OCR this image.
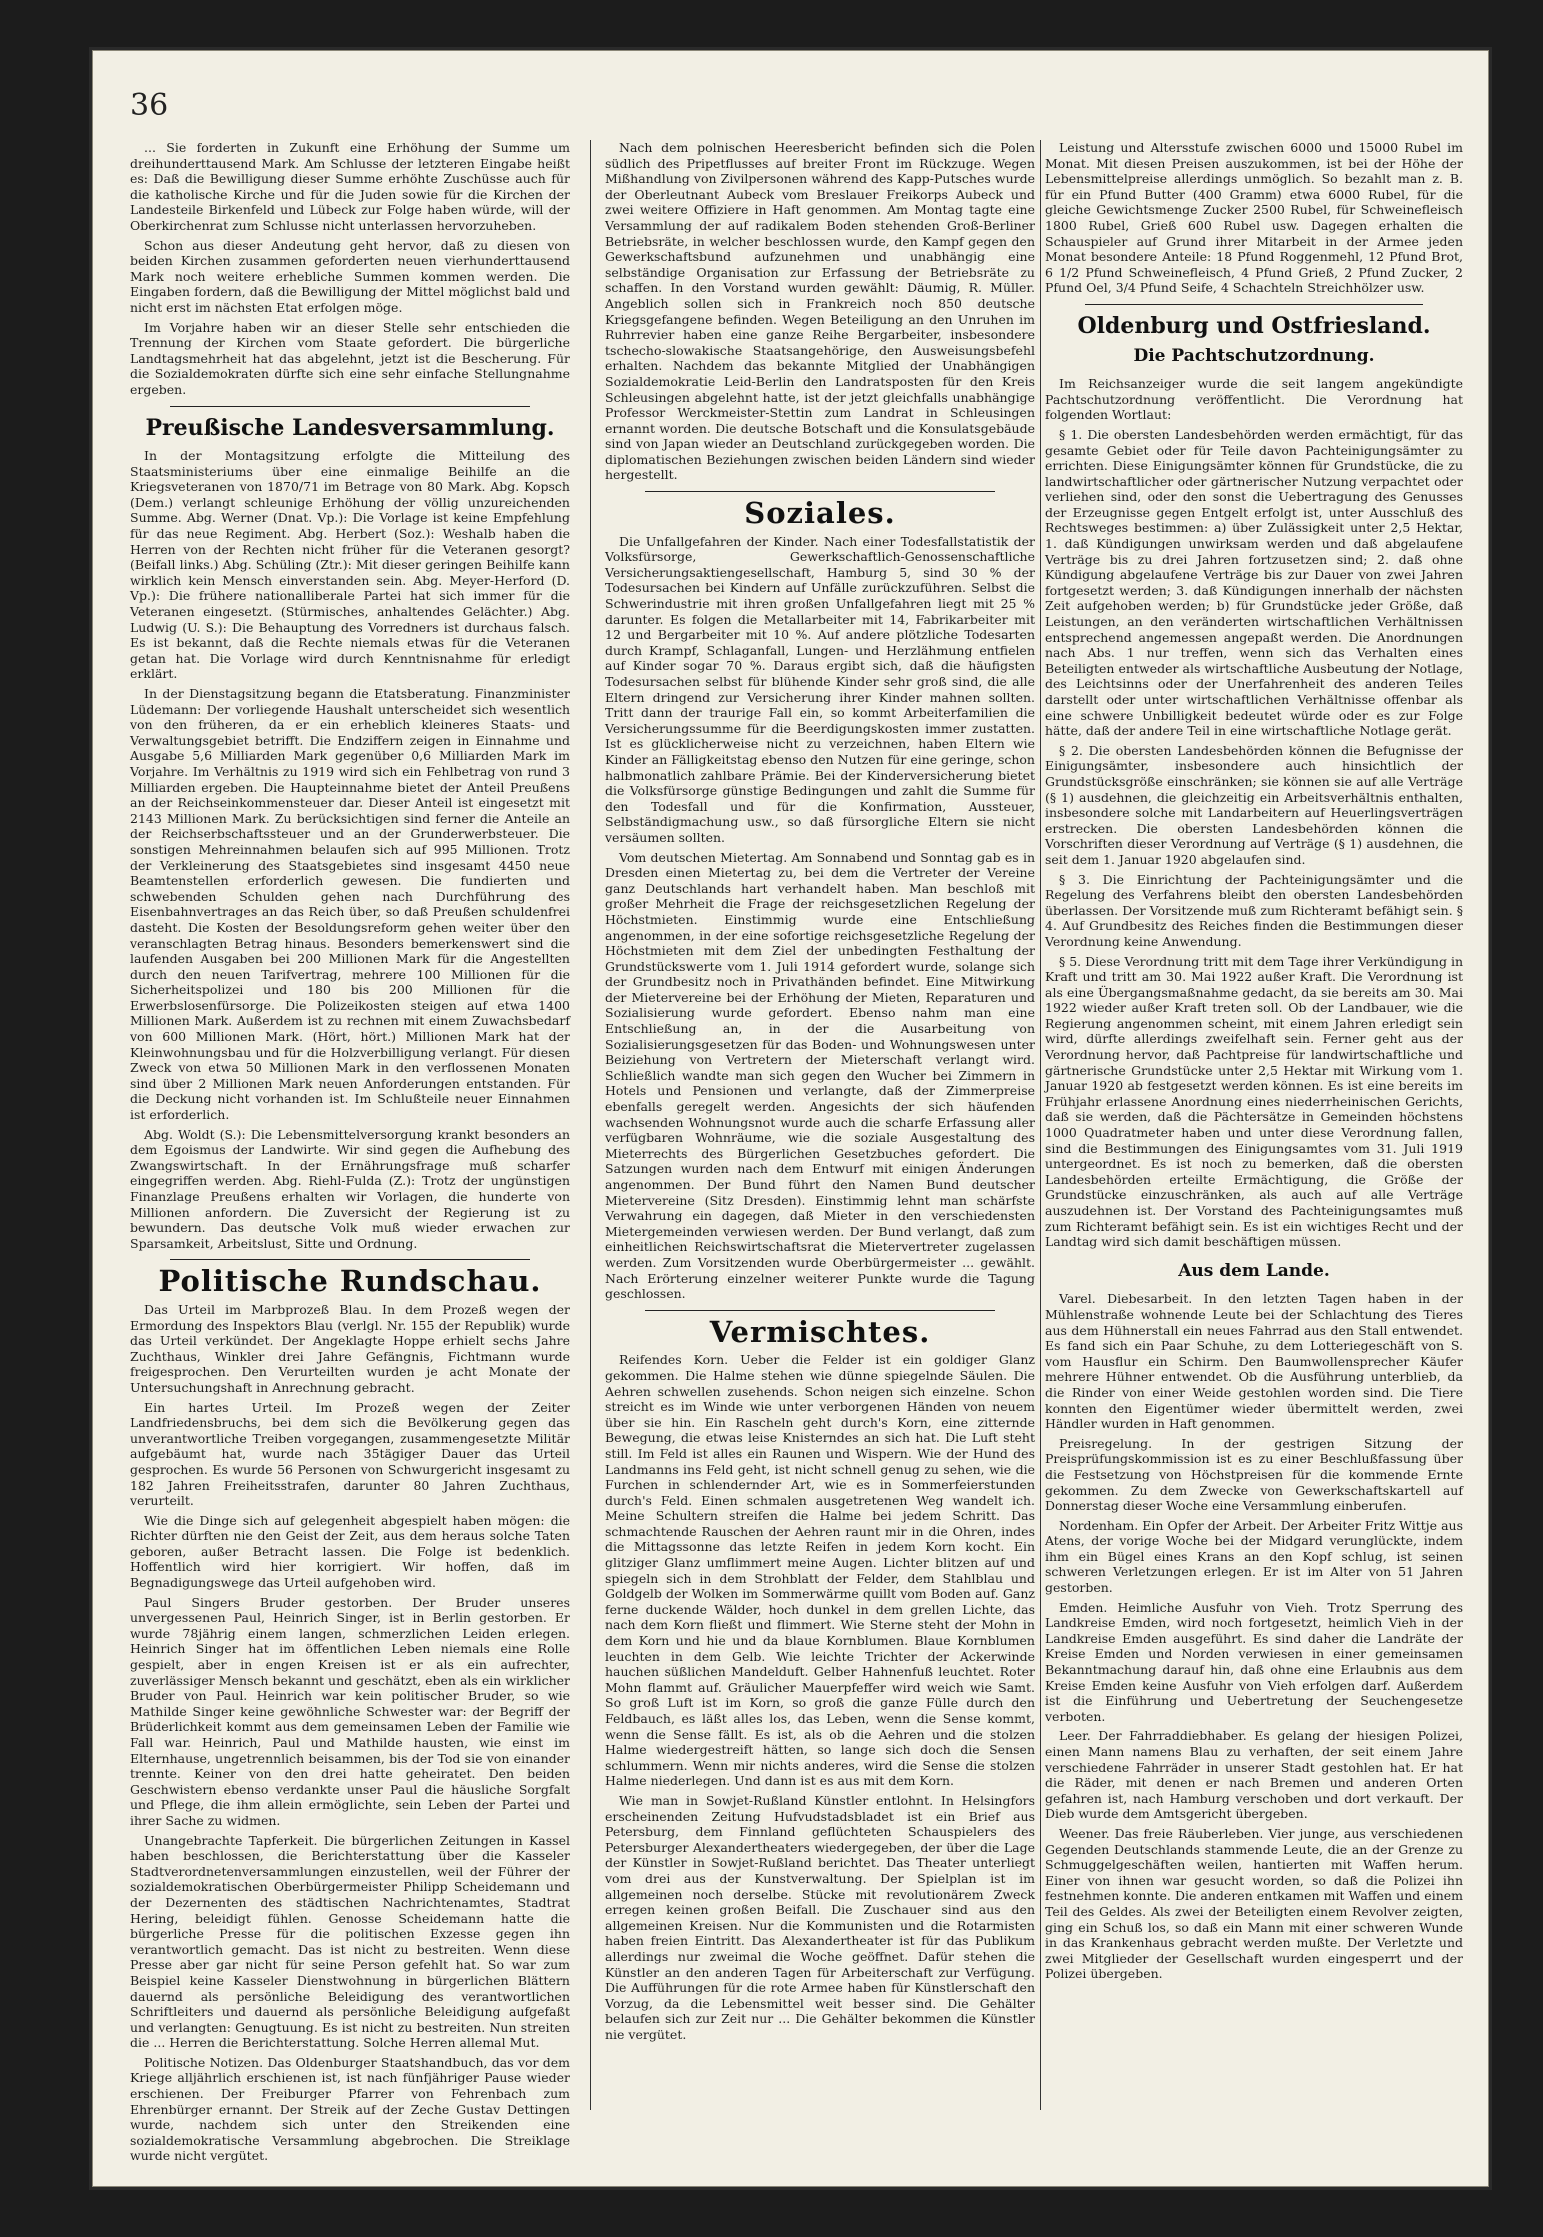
36

... Sie forderten in Zukunft eine Erhöhung der Summe um dreihunderttausend Mark. Am Schlusse der letzteren Eingabe heißt es: Daß die Bewilligung dieser Summe erhöhte Zuschüsse auch für die katholische Kirche und für die Juden sowie für die Kirchen der Landesteile Birkenfeld und Lübeck zur Folge haben würde, will der Oberkirchenrat zum Schlusse nicht unterlassen hervorzuheben.

Schon aus dieser Andeutung geht hervor, daß zu diesen von beiden Kirchen zusammen geforderten neuen vierhunderttausend Mark noch weitere erhebliche Summen kommen werden. Die Eingaben fordern, daß die Bewilligung der Mittel möglichst bald und nicht erst im nächsten Etat erfolgen möge.

Im Vorjahre haben wir an dieser Stelle sehr entschieden die Trennung der Kirchen vom Staate gefordert. Die bürgerliche Landtagsmehrheit hat das abgelehnt, jetzt ist die Bescherung. Für die Sozialdemokraten dürfte sich eine sehr einfache Stellungnahme ergeben.

Preußische Landesversammlung.

In der Montagsitzung erfolgte die Mitteilung des Staatsministeriums über eine einmalige Beihilfe an die Kriegsveteranen von 1870/71 im Betrage von 80 Mark. Abg. Kopsch (Dem.) verlangt schleunige Erhöhung der völlig unzureichenden Summe. Abg. Werner (Dnat. Vp.): Die Vorlage ist keine Empfehlung für das neue Regiment. Abg. Herbert (Soz.): Weshalb haben die Herren von der Rechten nicht früher für die Veteranen gesorgt? (Beifall links.) Abg. Schüling (Ztr.): Mit dieser geringen Beihilfe kann wirklich kein Mensch einverstanden sein. Abg. Meyer-Herford (D. Vp.): Die frühere nationalliberale Partei hat sich immer für die Veteranen eingesetzt. (Stürmisches, anhaltendes Gelächter.) Abg. Ludwig (U. S.): Die Behauptung des Vorredners ist durchaus falsch. Es ist bekannt, daß die Rechte niemals etwas für die Veteranen getan hat. Die Vorlage wird durch Kenntnisnahme für erledigt erklärt.

In der Dienstagsitzung begann die Etatsberatung. Finanzminister Lüdemann: Der vorliegende Haushalt unterscheidet sich wesentlich von den früheren, da er ein erheblich kleineres Staats- und Verwaltungsgebiet betrifft. Die Endziffern zeigen in Einnahme und Ausgabe 5,6 Milliarden Mark gegenüber 0,6 Milliarden Mark im Vorjahre. Im Verhältnis zu 1919 wird sich ein Fehlbetrag von rund 3 Milliarden ergeben. Die Haupteinnahme bietet der Anteil Preußens an der Reichseinkommensteuer dar. Dieser Anteil ist eingesetzt mit 2143 Millionen Mark. Zu berücksichtigen sind ferner die Anteile an der Reichserbschaftssteuer und an der Grunderwerbsteuer. Die sonstigen Mehreinnahmen belaufen sich auf 995 Millionen. Trotz der Verkleinerung des Staatsgebietes sind insgesamt 4450 neue Beamtenstellen erforderlich gewesen. Die fundierten und schwebenden Schulden gehen nach Durchführung des Eisenbahnvertrages an das Reich über, so daß Preußen schuldenfrei dasteht. Die Kosten der Besoldungsreform gehen weiter über den veranschlagten Betrag hinaus. Besonders bemerkenswert sind die laufenden Ausgaben bei 200 Millionen Mark für die Angestellten durch den neuen Tarifvertrag, mehrere 100 Millionen für die Sicherheitspolizei und 180 bis 200 Millionen für die Erwerbslosenfürsorge. Die Polizeikosten steigen auf etwa 1400 Millionen Mark. Außerdem ist zu rechnen mit einem Zuwachsbedarf von 600 Millionen Mark. (Hört, hört.) Millionen Mark hat der Kleinwohnungsbau und für die Holzverbilligung verlangt. Für diesen Zweck von etwa 50 Millionen Mark in den verflossenen Monaten sind über 2 Millionen Mark neuen Anforderungen entstanden. Für die Deckung nicht vorhanden ist. Im Schlußteile neuer Einnahmen ist erforderlich.

Abg. Woldt (S.): Die Lebensmittelversorgung krankt besonders an dem Egoismus der Landwirte. Wir sind gegen die Aufhebung des Zwangswirtschaft. In der Ernährungsfrage muß scharfer eingegriffen werden. Abg. Riehl-Fulda (Z.): Trotz der ungünstigen Finanzlage Preußens erhalten wir Vorlagen, die hunderte von Millionen anfordern. Die Zuversicht der Regierung ist zu bewundern. Das deutsche Volk muß wieder erwachen zur Sparsamkeit, Arbeitslust, Sitte und Ordnung.

Politische Rundschau.

Das Urteil im Marbprozeß Blau. In dem Prozeß wegen der Ermordung des Inspektors Blau (verlgl. Nr. 155 der Republik) wurde das Urteil verkündet. Der Angeklagte Hoppe erhielt sechs Jahre Zuchthaus, Winkler drei Jahre Gefängnis, Fichtmann wurde freigesprochen. Den Verurteilten wurden je acht Monate der Untersuchungshaft in Anrechnung gebracht.

Ein hartes Urteil. Im Prozeß wegen der Zeiter Landfriedensbruchs, bei dem sich die Bevölkerung gegen das unverantwortliche Treiben vorgegangen, zusammengesetzte Militär aufgebäumt hat, wurde nach 35tägiger Dauer das Urteil gesprochen. Es wurde 56 Personen von Schwurgericht insgesamt zu 182 Jahren Freiheitsstrafen, darunter 80 Jahren Zuchthaus, verurteilt.

Wie die Dinge sich auf gelegenheit abgespielt haben mögen: die Richter dürften nie den Geist der Zeit, aus dem heraus solche Taten geboren, außer Betracht lassen. Die Folge ist bedenklich. Hoffentlich wird hier korrigiert. Wir hoffen, daß im Begnadigungswege das Urteil aufgehoben wird.

Paul Singers Bruder gestorben. Der Bruder unseres unvergessenen Paul, Heinrich Singer, ist in Berlin gestorben. Er wurde 78jährig einem langen, schmerzlichen Leiden erlegen. Heinrich Singer hat im öffentlichen Leben niemals eine Rolle gespielt, aber in engen Kreisen ist er als ein aufrechter, zuverlässiger Mensch bekannt und geschätzt, eben als ein wirklicher Bruder von Paul. Heinrich war kein politischer Bruder, so wie Mathilde Singer keine gewöhnliche Schwester war: der Begriff der Brüderlichkeit kommt aus dem gemeinsamen Leben der Familie wie Fall war. Heinrich, Paul und Mathilde hausten, wie einst im Elternhause, ungetrennlich beisammen, bis der Tod sie von einander trennte. Keiner von den drei hatte geheiratet. Den beiden Geschwistern ebenso verdankte unser Paul die häusliche Sorgfalt und Pflege, die ihm allein ermöglichte, sein Leben der Partei und ihrer Sache zu widmen.

Unangebrachte Tapferkeit. Die bürgerlichen Zeitungen in Kassel haben beschlossen, die Berichterstattung über die Kasseler Stadtverordnetenversammlungen einzustellen, weil der Führer der sozialdemokratischen Oberbürgermeister Philipp Scheidemann und der Dezernenten des städtischen Nachrichtenamtes, Stadtrat Hering, beleidigt fühlen. Genosse Scheidemann hatte die bürgerliche Presse für die politischen Exzesse gegen ihn verantwortlich gemacht. Das ist nicht zu bestreiten. Wenn diese Presse aber gar nicht für seine Person gefehlt hat. So war zum Beispiel keine Kasseler Dienstwohnung in bürgerlichen Blättern dauernd als persönliche Beleidigung des verantwortlichen Schriftleiters und dauernd als persönliche Beleidigung aufgefaßt und verlangten: Genugtuung. Es ist nicht zu bestreiten. Nun streiten die ... Herren die Berichterstattung. Solche Herren allemal Mut.

Politische Notizen. Das Oldenburger Staatshandbuch, das vor dem Kriege alljährlich erschienen ist, ist nach fünfjähriger Pause wieder erschienen. Der Freiburger Pfarrer von Fehrenbach zum Ehrenbürger ernannt. Der Streik auf der Zeche Gustav Dettingen wurde, nachdem sich unter den Streikenden eine sozialdemokratische Versammlung abgebrochen. Die Streiklage wurde nicht vergütet.

Nach dem polnischen Heeresbericht befinden sich die Polen südlich des Pripetflusses auf breiter Front im Rückzuge. Wegen Mißhandlung von Zivilpersonen während des Kapp-Putsches wurde der Oberleutnant Aubeck vom Breslauer Freikorps Aubeck und zwei weitere Offiziere in Haft genommen. Am Montag tagte eine Versammlung der auf radikalem Boden stehenden Groß-Berliner Betriebsräte, in welcher beschlossen wurde, den Kampf gegen den Gewerkschaftsbund aufzunehmen und unabhängig eine selbständige Organisation zur Erfassung der Betriebsräte zu schaffen. In den Vorstand wurden gewählt: Däumig, R. Müller. Angeblich sollen sich in Frankreich noch 850 deutsche Kriegsgefangene befinden. Wegen Beteiligung an den Unruhen im Ruhrrevier haben eine ganze Reihe Bergarbeiter, insbesondere tschecho-slowakische Staatsangehörige, den Ausweisungsbefehl erhalten. Nachdem das bekannte Mitglied der Unabhängigen Sozialdemokratie Leid-Berlin den Landratsposten für den Kreis Schleusingen abgelehnt hatte, ist der jetzt gleichfalls unabhängige Professor Werckmeister-Stettin zum Landrat in Schleusingen ernannt worden. Die deutsche Botschaft und die Konsulatsgebäude sind von Japan wieder an Deutschland zurückgegeben worden. Die diplomatischen Beziehungen zwischen beiden Ländern sind wieder hergestellt.

Soziales.

Die Unfallgefahren der Kinder. Nach einer Todesfallstatistik der Volksfürsorge, Gewerkschaftlich-Genossenschaftliche Versicherungsaktiengesellschaft, Hamburg 5, sind 30 % der Todesursachen bei Kindern auf Unfälle zurückzuführen. Selbst die Schwerindustrie mit ihren großen Unfallgefahren liegt mit 25 % darunter. Es folgen die Metallarbeiter mit 14, Fabrikarbeiter mit 12 und Bergarbeiter mit 10 %. Auf andere plötzliche Todesarten durch Krampf, Schlaganfall, Lungen- und Herzlähmung entfielen auf Kinder sogar 70 %. Daraus ergibt sich, daß die häufigsten Todesursachen selbst für blühende Kinder sehr groß sind, die alle Eltern dringend zur Versicherung ihrer Kinder mahnen sollten. Tritt dann der traurige Fall ein, so kommt Arbeiterfamilien die Versicherungssumme für die Beerdigungskosten immer zustatten. Ist es glücklicherweise nicht zu verzeichnen, haben Eltern wie Kinder an Fälligkeitstag ebenso den Nutzen für eine geringe, schon halbmonatlich zahlbare Prämie. Bei der Kinderversicherung bietet die Volksfürsorge günstige Bedingungen und zahlt die Summe für den Todesfall und für die Konfirmation, Aussteuer, Selbständigmachung usw., so daß fürsorgliche Eltern sie nicht versäumen sollten.

Vom deutschen Mietertag. Am Sonnabend und Sonntag gab es in Dresden einen Mietertag zu, bei dem die Vertreter der Vereine ganz Deutschlands hart verhandelt haben. Man beschloß mit großer Mehrheit die Frage der reichsgesetzlichen Regelung der Höchstmieten. Einstimmig wurde eine Entschließung angenommen, in der eine sofortige reichsgesetzliche Regelung der Höchstmieten mit dem Ziel der unbedingten Festhaltung der Grundstückswerte vom 1. Juli 1914 gefordert wurde, solange sich der Grundbesitz noch in Privathänden befindet. Eine Mitwirkung der Mietervereine bei der Erhöhung der Mieten, Reparaturen und Sozialisierung wurde gefordert. Ebenso nahm man eine Entschließung an, in der die Ausarbeitung von Sozialisierungsgesetzen für das Boden- und Wohnungswesen unter Beiziehung von Vertretern der Mieterschaft verlangt wird. Schließlich wandte man sich gegen den Wucher bei Zimmern in Hotels und Pensionen und verlangte, daß der Zimmerpreise ebenfalls geregelt werden. Angesichts der sich häufenden wachsenden Wohnungsnot wurde auch die scharfe Erfassung aller verfügbaren Wohnräume, wie die soziale Ausgestaltung des Mieterrechts des Bürgerlichen Gesetzbuches gefordert. Die Satzungen wurden nach dem Entwurf mit einigen Änderungen angenommen. Der Bund führt den Namen Bund deutscher Mietervereine (Sitz Dresden). Einstimmig lehnt man schärfste Verwahrung ein dagegen, daß Mieter in den verschiedensten Mietergemeinden verwiesen werden. Der Bund verlangt, daß zum einheitlichen Reichswirtschaftsrat die Mietervertreter zugelassen werden. Zum Vorsitzenden wurde Oberbürgermeister ... gewählt. Nach Erörterung einzelner weiterer Punkte wurde die Tagung geschlossen.

Vermischtes.

Reifendes Korn. Ueber die Felder ist ein goldiger Glanz gekommen. Die Halme stehen wie dünne spiegelnde Säulen. Die Aehren schwellen zusehends. Schon neigen sich einzelne. Schon streicht es im Winde wie unter verborgenen Händen von neuem über sie hin. Ein Rascheln geht durch's Korn, eine zitternde Bewegung, die etwas leise Knisterndes an sich hat. Die Luft steht still. Im Feld ist alles ein Raunen und Wispern. Wie der Hund des Landmanns ins Feld geht, ist nicht schnell genug zu sehen, wie die Furchen in schlendernder Art, wie es in Sommerfeierstunden durch's Feld. Einen schmalen ausgetretenen Weg wandelt ich. Meine Schultern streifen die Halme bei jedem Schritt. Das schmachtende Rauschen der Aehren raunt mir in die Ohren, indes die Mittagssonne das letzte Reifen in jedem Korn kocht. Ein glitziger Glanz umflimmert meine Augen. Lichter blitzen auf und spiegeln sich in dem Strohblatt der Felder, dem Stahlblau und Goldgelb der Wolken im Sommerwärme quillt vom Boden auf. Ganz ferne duckende Wälder, hoch dunkel in dem grellen Lichte, das nach dem Korn fließt und flimmert. Wie Sterne steht der Mohn in dem Korn und hie und da blaue Kornblumen. Blaue Kornblumen leuchten in dem Gelb. Wie leichte Trichter der Ackerwinde hauchen süßlichen Mandelduft. Gelber Hahnenfuß leuchtet. Roter Mohn flammt auf. Gräulicher Mauerpfeffer wird weich wie Samt. So groß Luft ist im Korn, so groß die ganze Fülle durch den Feldbauch, es läßt alles los, das Leben, wenn die Sense kommt, wenn die Sense fällt. Es ist, als ob die Aehren und die stolzen Halme wiedergestreift hätten, so lange sich doch die Sensen schlummern. Wenn mir nichts anderes, wird die Sense die stolzen Halme niederlegen. Und dann ist es aus mit dem Korn.

Wie man in Sowjet-Rußland Künstler entlohnt. In Helsingfors erscheinenden Zeitung Hufvudstadsbladet ist ein Brief aus Petersburg, dem Finnland geflüchteten Schauspielers des Petersburger Alexandertheaters wiedergegeben, der über die Lage der Künstler in Sowjet-Rußland berichtet. Das Theater unterliegt vom drei aus der Kunstverwaltung. Der Spielplan ist im allgemeinen noch derselbe. Stücke mit revolutionärem Zweck erregen keinen großen Beifall. Die Zuschauer sind aus den allgemeinen Kreisen. Nur die Kommunisten und die Rotarmisten haben freien Eintritt. Das Alexandertheater ist für das Publikum allerdings nur zweimal die Woche geöffnet. Dafür stehen die Künstler an den anderen Tagen für Arbeiterschaft zur Verfügung. Die Aufführungen für die rote Armee haben für Künstlerschaft den Vorzug, da die Lebensmittel weit besser sind. Die Gehälter belaufen sich zur Zeit nur ... Die Gehälter bekommen die Künstler nie vergütet.

Leistung und Altersstufe zwischen 6000 und 15000 Rubel im Monat. Mit diesen Preisen auszukommen, ist bei der Höhe der Lebensmittelpreise allerdings unmöglich. So bezahlt man z. B. für ein Pfund Butter (400 Gramm) etwa 6000 Rubel, für die gleiche Gewichtsmenge Zucker 2500 Rubel, für Schweinefleisch 1800 Rubel, Grieß 600 Rubel usw. Dagegen erhalten die Schauspieler auf Grund ihrer Mitarbeit in der Armee jeden Monat besondere Anteile: 18 Pfund Roggenmehl, 12 Pfund Brot, 6 1/2 Pfund Schweinefleisch, 4 Pfund Grieß, 2 Pfund Zucker, 2 Pfund Oel, 3/4 Pfund Seife, 4 Schachteln Streichhölzer usw.

Oldenburg und Ostfriesland.
Die Pachtschutzordnung.

Im Reichsanzeiger wurde die seit langem angekündigte Pachtschutzordnung veröffentlicht. Die Verordnung hat folgenden Wortlaut:

§ 1. Die obersten Landesbehörden werden ermächtigt, für das gesamte Gebiet oder für Teile davon Pachteinigungsämter zu errichten. Diese Einigungsämter können für Grundstücke, die zu landwirtschaftlicher oder gärtnerischer Nutzung verpachtet oder verliehen sind, oder den sonst die Uebertragung des Genusses der Erzeugnisse gegen Entgelt erfolgt ist, unter Ausschluß des Rechtsweges bestimmen: a) über Zulässigkeit unter 2,5 Hektar, 1. daß Kündigungen unwirksam werden und daß abgelaufene Verträge bis zu drei Jahren fortzusetzen sind; 2. daß ohne Kündigung abgelaufene Verträge bis zur Dauer von zwei Jahren fortgesetzt werden; 3. daß Kündigungen innerhalb der nächsten Zeit aufgehoben werden; b) für Grundstücke jeder Größe, daß Leistungen, an den veränderten wirtschaftlichen Verhältnissen entsprechend angemessen angepaßt werden. Die Anordnungen nach Abs. 1 nur treffen, wenn sich das Verhalten eines Beteiligten entweder als wirtschaftliche Ausbeutung der Notlage, des Leichtsinns oder der Unerfahrenheit des anderen Teiles darstellt oder unter wirtschaftlichen Verhältnisse offenbar als eine schwere Unbilligkeit bedeutet würde oder es zur Folge hätte, daß der andere Teil in eine wirtschaftliche Notlage gerät.

§ 2. Die obersten Landesbehörden können die Befugnisse der Einigungsämter, insbesondere auch hinsichtlich der Grundstücksgröße einschränken; sie können sie auf alle Verträge (§ 1) ausdehnen, die gleichzeitig ein Arbeitsverhältnis enthalten, insbesondere solche mit Landarbeitern auf Heuerlingsverträgen erstrecken. Die obersten Landesbehörden können die Vorschriften dieser Verordnung auf Verträge (§ 1) ausdehnen, die seit dem 1. Januar 1920 abgelaufen sind.

§ 3. Die Einrichtung der Pachteinigungsämter und die Regelung des Verfahrens bleibt den obersten Landesbehörden überlassen. Der Vorsitzende muß zum Richteramt befähigt sein. § 4. Auf Grundbesitz des Reiches finden die Bestimmungen dieser Verordnung keine Anwendung.

§ 5. Diese Verordnung tritt mit dem Tage ihrer Verkündigung in Kraft und tritt am 30. Mai 1922 außer Kraft. Die Verordnung ist als eine Übergangsmaßnahme gedacht, da sie bereits am 30. Mai 1922 wieder außer Kraft treten soll. Ob der Landbauer, wie die Regierung angenommen scheint, mit einem Jahren erledigt sein wird, dürfte allerdings zweifelhaft sein. Ferner geht aus der Verordnung hervor, daß Pachtpreise für landwirtschaftliche und gärtnerische Grundstücke unter 2,5 Hektar mit Wirkung vom 1. Januar 1920 ab festgesetzt werden können. Es ist eine bereits im Frühjahr erlassene Anordnung eines niederrheinischen Gerichts, daß sie werden, daß die Pächtersätze in Gemeinden höchstens 1000 Quadratmeter haben und unter diese Verordnung fallen, sind die Bestimmungen des Einigungsamtes vom 31. Juli 1919 untergeordnet. Es ist noch zu bemerken, daß die obersten Landesbehörden erteilte Ermächtigung, die Größe der Grundstücke einzuschränken, als auch auf alle Verträge auszudehnen ist. Der Vorstand des Pachteinigungsamtes muß zum Richteramt befähigt sein. Es ist ein wichtiges Recht und der Landtag wird sich damit beschäftigen müssen.

Aus dem Lande.

Varel. Diebesarbeit. In den letzten Tagen haben in der Mühlenstraße wohnende Leute bei der Schlachtung des Tieres aus dem Hühnerstall ein neues Fahrrad aus den Stall entwendet. Es fand sich ein Paar Schuhe, zu dem Lotteriegeschäft von S. vom Hausflur ein Schirm. Den Baumwollensprecher Käufer mehrere Hühner entwendet. Ob die Ausführung unterblieb, da die Rinder von einer Weide gestohlen worden sind. Die Tiere konnten den Eigentümer wieder übermittelt werden, zwei Händler wurden in Haft genommen.

Preisregelung. In der gestrigen Sitzung der Preisprüfungskommission ist es zu einer Beschlußfassung über die Festsetzung von Höchstpreisen für die kommende Ernte gekommen. Zu dem Zwecke von Gewerkschaftskartell auf Donnerstag dieser Woche eine Versammlung einberufen.

Nordenham. Ein Opfer der Arbeit. Der Arbeiter Fritz Wittje aus Atens, der vorige Woche bei der Midgard verunglückte, indem ihm ein Bügel eines Krans an den Kopf schlug, ist seinen schweren Verletzungen erlegen. Er ist im Alter von 51 Jahren gestorben.

Emden. Heimliche Ausfuhr von Vieh. Trotz Sperrung des Landkreise Emden, wird noch fortgesetzt, heimlich Vieh in der Landkreise Emden ausgeführt. Es sind daher die Landräte der Kreise Emden und Norden verwiesen in einer gemeinsamen Bekanntmachung darauf hin, daß ohne eine Erlaubnis aus dem Kreise Emden keine Ausfuhr von Vieh erfolgen darf. Außerdem ist die Einführung und Uebertretung der Seuchengesetze verboten.

Leer. Der Fahrraddiebhaber. Es gelang der hiesigen Polizei, einen Mann namens Blau zu verhaften, der seit einem Jahre verschiedene Fahrräder in unserer Stadt gestohlen hat. Er hat die Räder, mit denen er nach Bremen und anderen Orten gefahren ist, nach Hamburg verschoben und dort verkauft. Der Dieb wurde dem Amtsgericht übergeben.

Weener. Das freie Räuberleben. Vier junge, aus verschiedenen Gegenden Deutschlands stammende Leute, die an der Grenze zu Schmuggelgeschäften weilen, hantierten mit Waffen herum. Einer von ihnen war gesucht worden, so daß die Polizei ihn festnehmen konnte. Die anderen entkamen mit Waffen und einem Teil des Geldes. Als zwei der Beteiligten einem Revolver zeigten, ging ein Schuß los, so daß ein Mann mit einer schweren Wunde in das Krankenhaus gebracht werden mußte. Der Verletzte und zwei Mitglieder der Gesellschaft wurden eingesperrt und der Polizei übergeben.
